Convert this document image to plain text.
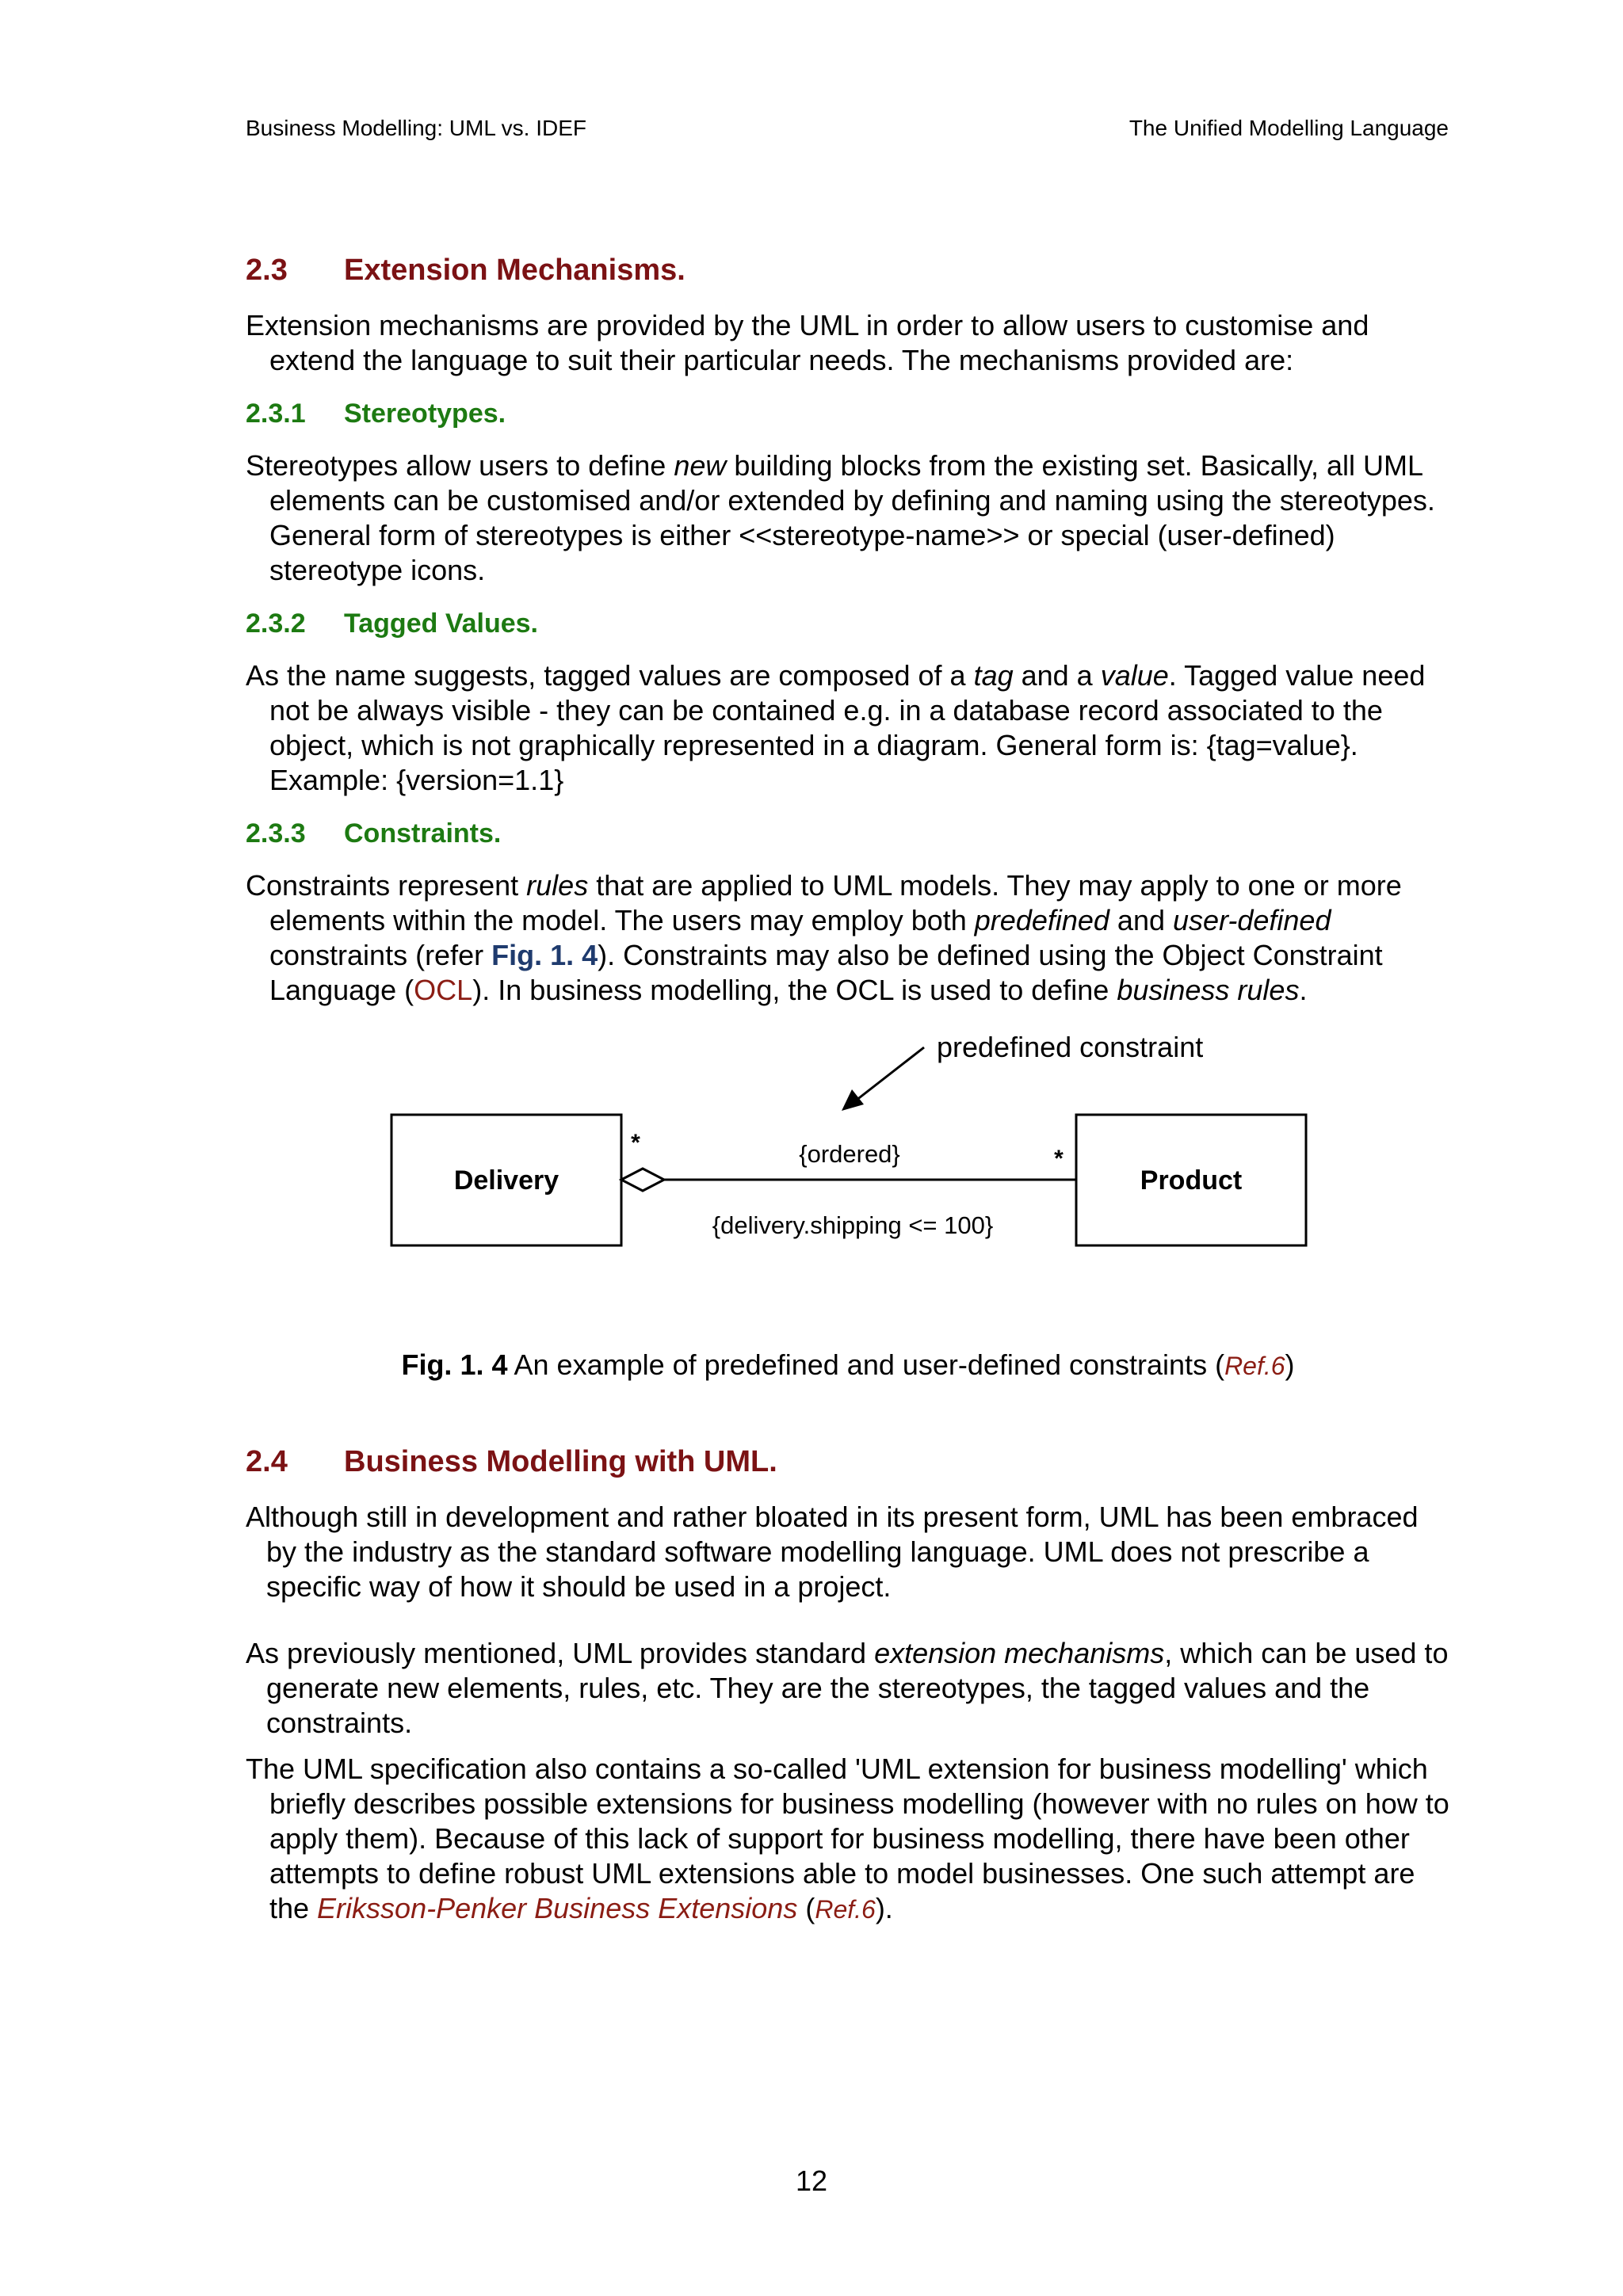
Business Modelling: UML vs. IDEF	The Unified Modelling Language
2.3 Extension Mechanisms.

Extension mechanisms are provided by the UML in order to allow users to customise and extend the language to suit their particular needs. The mechanisms provided are:

2.3.1 Stereotypes.

Stereotypes allow users to define new building blocks from the existing set. Basically, all UML elements can be customised and/or extended by defining and naming using the stereotypes. General form of stereotypes is either <<stereotype-name>> or special (user-defined) stereotype icons.

2.3.2 Tagged Values.

As the name suggests, tagged values are composed of a tag and a value. Tagged value need not be always visible - they can be contained e.g. in a database record associated to the object, which is not graphically represented in a diagram. General form is: {tag=value}. Example: {version=1.1}

2.3.3 Constraints.

Constraints represent rules that are applied to UML models. They may apply to one or more elements within the model. The users may employ both predefined and user-defined constraints (refer Fig. 1. 4). Constraints may also be defined using the Object Constraint Language (OCL). In business modelling, the OCL is used to define business rules.

predefined constraint
Delivery	Product
*
*
{ordered}
{delivery.shipping <= 100}
Fig. 1. 4 An example of predefined and user-defined constraints (Ref.6)
2.4 Business Modelling with UML.

Although still in development and rather bloated in its present form, UML has been embraced by the industry as the standard software modelling language. UML does not prescribe a specific way of how it should be used in a project.

As previously mentioned, UML provides standard extension mechanisms, which can be used to generate new elements, rules, etc. They are the stereotypes, the tagged values and the constraints.

The UML specification also contains a so-called 'UML extension for business modelling' which briefly describes possible extensions for business modelling (however with no rules on how to apply them). Because of this lack of support for business modelling, there have been other attempts to define robust UML extensions able to model businesses. One such attempt are the Eriksson-Penker Business Extensions (Ref.6).

12
